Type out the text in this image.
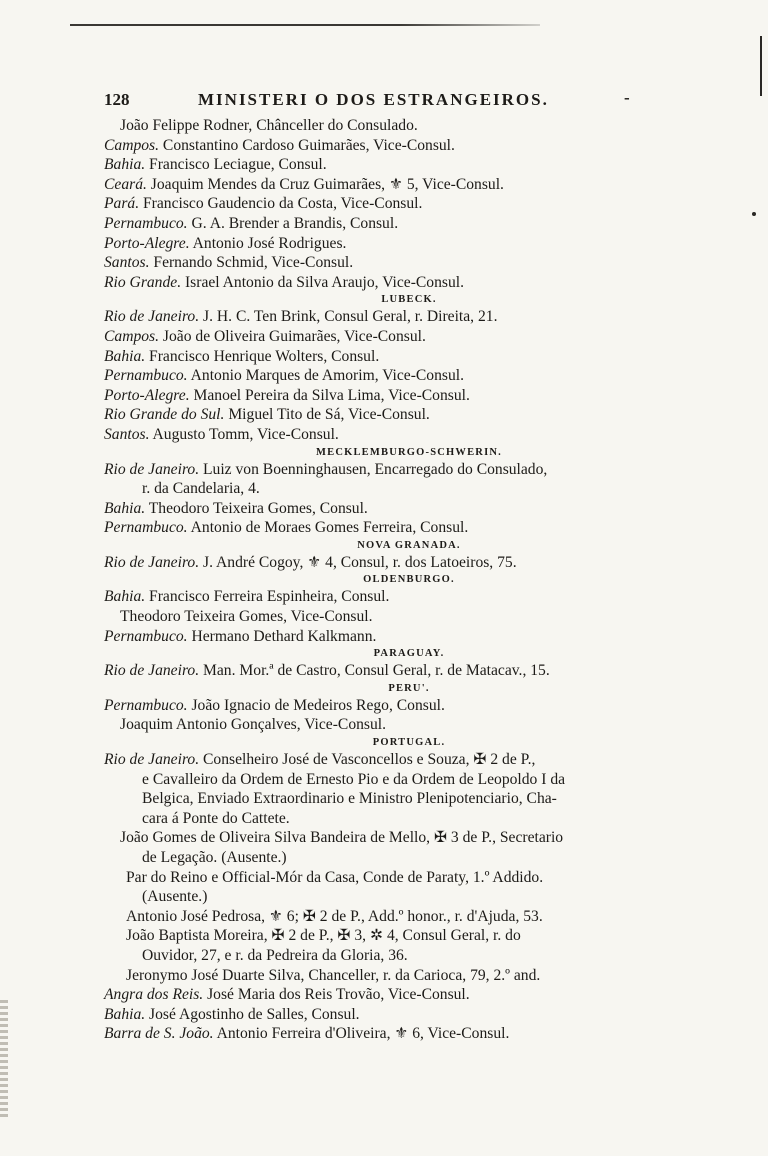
128	MINISTERI O DOS ESTRANGEIROS.	-
João Felippe Rodner, Chânceller do Consulado.
Campos. Constantino Cardoso Guimarães, Vice-Consul.
Bahia. Francisco Leciague, Consul.
Ceará. Joaquim Mendes da Cruz Guimarães, ⚜ 5, Vice-Consul.
Pará. Francisco Gaudencio da Costa, Vice-Consul.
Pernambuco. G. A. Brender a Brandis, Consul.
Porto-Alegre. Antonio José Rodrigues.
Santos. Fernando Schmid, Vice-Consul.
Rio Grande. Israel Antonio da Silva Araujo, Vice-Consul.
LUBECK.
Rio de Janeiro. J. H. C. Ten Brink, Consul Geral, r. Direita, 21.
Campos. João de Oliveira Guimarães, Vice-Consul.
Bahia. Francisco Henrique Wolters, Consul.
Pernambuco. Antonio Marques de Amorim, Vice-Consul.
Porto-Alegre. Manoel Pereira da Silva Lima, Vice-Consul.
Rio Grande do Sul. Miguel Tito de Sá, Vice-Consul.
Santos. Augusto Tomm, Vice-Consul.
MECKLEMBURGO-SCHWERIN.
Rio de Janeiro. Luiz von Boenninghausen, Encarregado do Consulado,
r. da Candelaria, 4.
Bahia. Theodoro Teixeira Gomes, Consul.
Pernambuco. Antonio de Moraes Gomes Ferreira, Consul.
NOVA GRANADA.
Rio de Janeiro. J. André Cogoy, ⚜ 4, Consul, r. dos Latoeiros, 75.
OLDENBURGO.
Bahia. Francisco Ferreira Espinheira, Consul.
Theodoro Teixeira Gomes, Vice-Consul.
Pernambuco. Hermano Dethard Kalkmann.
PARAGUAY.
Rio de Janeiro. Man. Mor.ª de Castro, Consul Geral, r. de Matacav., 15.
PERU'.
Pernambuco. João Ignacio de Medeiros Rego, Consul.
Joaquim Antonio Gonçalves, Vice-Consul.
PORTUGAL.
Rio de Janeiro. Conselheiro José de Vasconcellos e Souza, ✠ 2 de P.,
e Cavalleiro da Ordem de Ernesto Pio e da Ordem de Leopoldo I da
Belgica, Enviado Extraordinario e Ministro Plenipotenciario, Cha-
cara á Ponte do Cattete.
João Gomes de Oliveira Silva Bandeira de Mello, ✠ 3 de P., Secretario
de Legação. (Ausente.)
Par do Reino e Official-Mór da Casa, Conde de Paraty, 1.º Addido.
(Ausente.)
Antonio José Pedrosa, ⚜ 6; ✠ 2 de P., Add.º honor., r. d'Ajuda, 53.
João Baptista Moreira, ✠ 2 de P., ✠ 3, ✲ 4, Consul Geral, r. do
Ouvidor, 27, e r. da Pedreira da Gloria, 36.
Jeronymo José Duarte Silva, Chanceller, r. da Carioca, 79, 2.º and.
Angra dos Reis. José Maria dos Reis Trovão, Vice-Consul.
Bahia. José Agostinho de Salles, Consul.
Barra de S. João. Antonio Ferreira d'Oliveira, ⚜ 6, Vice-Consul.
